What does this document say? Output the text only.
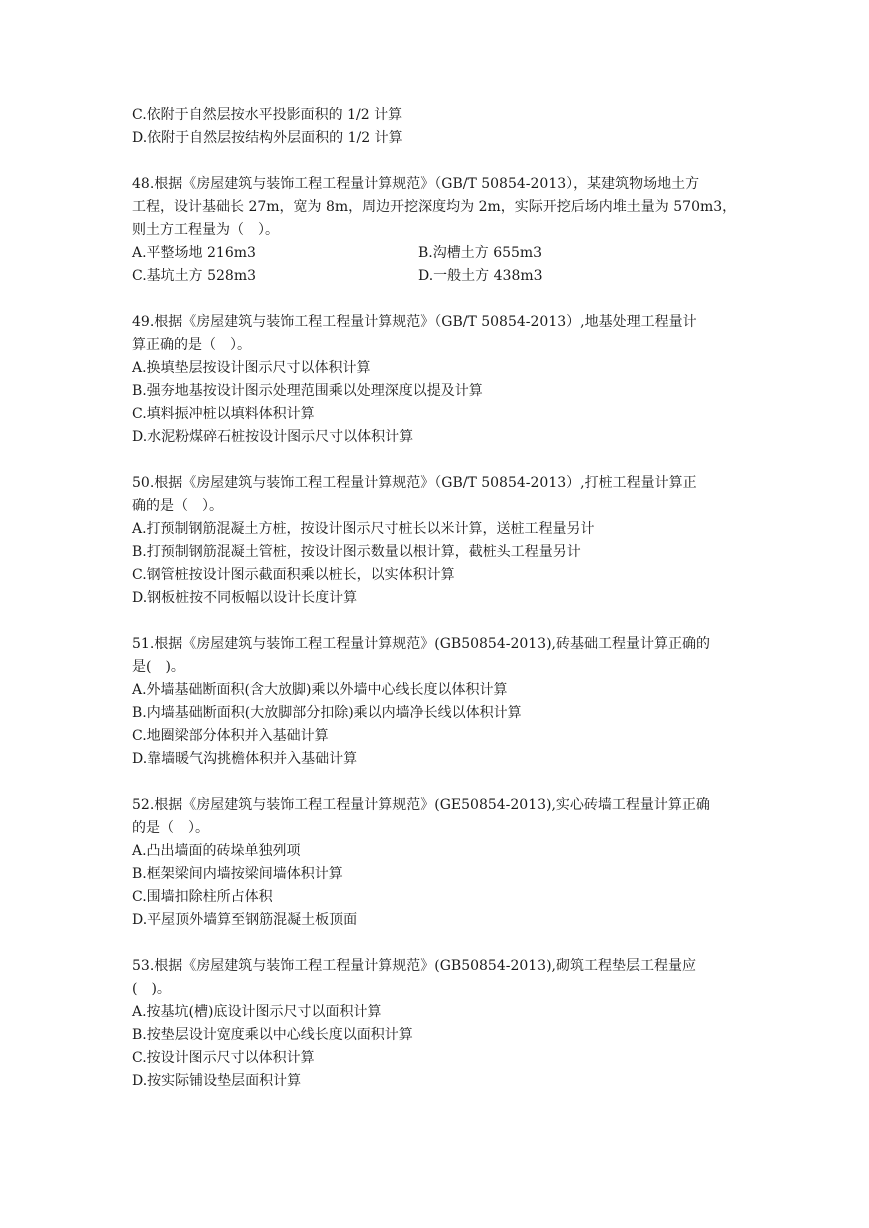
C.依附于自然层按水平投影面积的 1/2 计算
D.依附于自然层按结构外层面积的 1/2 计算
48.根据《房屋建筑与装饰工程工程量计算规范》（GB/T 50854-2013），某建筑物场地土方
工程，设计基础长 27m，宽为 8m，周边开挖深度均为 2m，实际开挖后场内堆土量为 570m3，
则土方工程量为（　）。
A.平整场地 216m3	B.沟槽土方 655m3
C.基坑土方 528m3	D.一般土方 438m3
49.根据《房屋建筑与装饰工程工程量计算规范》（GB/T 50854-2013）,地基处理工程量计
算正确的是（　）。
A.换填垫层按设计图示尺寸以体积计算
B.强夯地基按设计图示处理范围乘以处理深度以提及计算
C.填料振冲桩以填料体积计算
D.水泥粉煤碎石桩按设计图示尺寸以体积计算
50.根据《房屋建筑与装饰工程工程量计算规范》（GB/T 50854-2013）,打桩工程量计算正
确的是（　）。
A.打预制钢筋混凝土方桩，按设计图示尺寸桩长以米计算，送桩工程量另计
B.打预制钢筋混凝土管桩，按设计图示数量以根计算，截桩头工程量另计
C.钢管桩按设计图示截面积乘以桩长，以实体积计算
D.钢板桩按不同板幅以设计长度计算
51.根据《房屋建筑与装饰工程工程量计算规范》(GB50854-2013),砖基础工程量计算正确的
是(　)。
A.外墙基础断面积(含大放脚)乘以外墙中心线长度以体积计算
B.内墙基础断面积(大放脚部分扣除)乘以内墙净长线以体积计算
C.地圈梁部分体积并入基础计算
D.靠墙暖气沟挑檐体积并入基础计算
52.根据《房屋建筑与装饰工程工程量计算规范》(GE50854-2013),实心砖墙工程量计算正确
的是（　）。
A.凸出墙面的砖垛单独列项
B.框架梁间内墙按梁间墙体积计算
C.围墙扣除柱所占体积
D.平屋顶外墙算至钢筋混凝土板顶面
53.根据《房屋建筑与装饰工程工程量计算规范》(GB50854-2013),砌筑工程垫层工程量应
(　)。
A.按基坑(槽)底设计图示尺寸以面积计算
B.按垫层设计宽度乘以中心线长度以面积计算
C.按设计图示尺寸以体积计算
D.按实际铺设垫层面积计算
